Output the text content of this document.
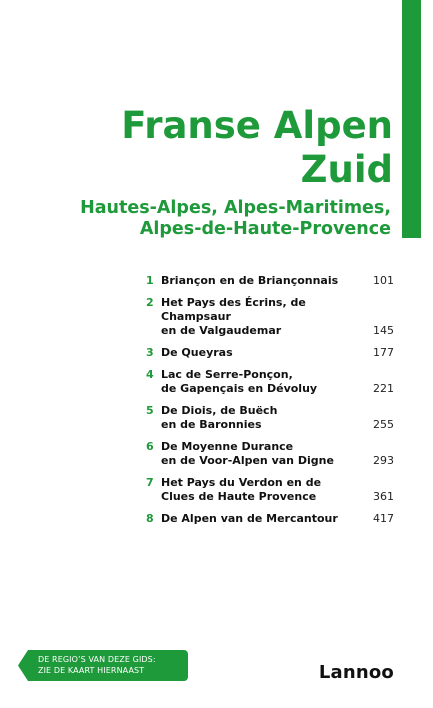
Franse Alpen
Zuid
Hautes-Alpes, Alpes-Maritimes,
Alpes-de-Haute-Provence
1 Briançon en de Briançonnais	101
2 Het Pays des Écrins, de Champsaur
en de Valgaudemar	145
3 De Queyras	177
4 Lac de Serre-Ponçon,
de Gapençais en Dévoluy	221
5 De Diois, de Buëch
en de Baronnies	255
6 De Moyenne Durance
en de Voor-Alpen van Digne	293
7 Het Pays du Verdon en de
Clues de Haute Provence	361
8 De Alpen van de Mercantour	417
DE REGIO’S VAN DEZE GIDS:
ZIE DE KAART HIERNAAST	Lannoo
